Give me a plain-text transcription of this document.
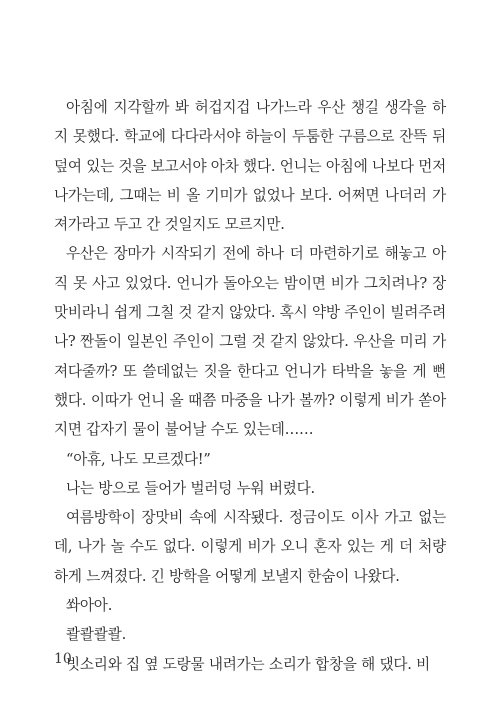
아침에 지각할까 봐 허겁지겁 나가느라 우산 챙길 생각을 하지 못했다. 학교에 다다라서야 하늘이 두툼한 구름으로 잔뜩 뒤덮여 있는 것을 보고서야 아차 했다. 언니는 아침에 나보다 먼저 나가는데, 그때는 비 올 기미가 없었나 보다. 어쩌면 나더러 가져가라고 두고 간 것일지도 모르지만.

우산은 장마가 시작되기 전에 하나 더 마련하기로 해놓고 아직 못 사고 있었다. 언니가 돌아오는 밤이면 비가 그치려나? 장맛비라니 쉽게 그칠 것 같지 않았다. 혹시 약방 주인이 빌려주려나? 짠돌이 일본인 주인이 그럴 것 같지 않았다. 우산을 미리 가져다줄까? 또 쓸데없는 짓을 한다고 언니가 타박을 놓을 게 뻔했다. 이따가 언니 올 때쯤 마중을 나가 볼까? 이렇게 비가 쏟아지면 갑자기 물이 불어날 수도 있는데……

“아휴, 나도 모르겠다!”

나는 방으로 들어가 벌러덩 누워 버렸다.

여름방학이 장맛비 속에 시작됐다. 정금이도 이사 가고 없는데, 나가 놀 수도 없다. 이렇게 비가 오니 혼자 있는 게 더 처량하게 느껴졌다. 긴 방학을 어떻게 보낼지 한숨이 나왔다.

쏴아아.

콸콸콸콸.

빗소리와 집 옆 도랑물 내려가는 소리가 합창을 해 댔다. 비

10
